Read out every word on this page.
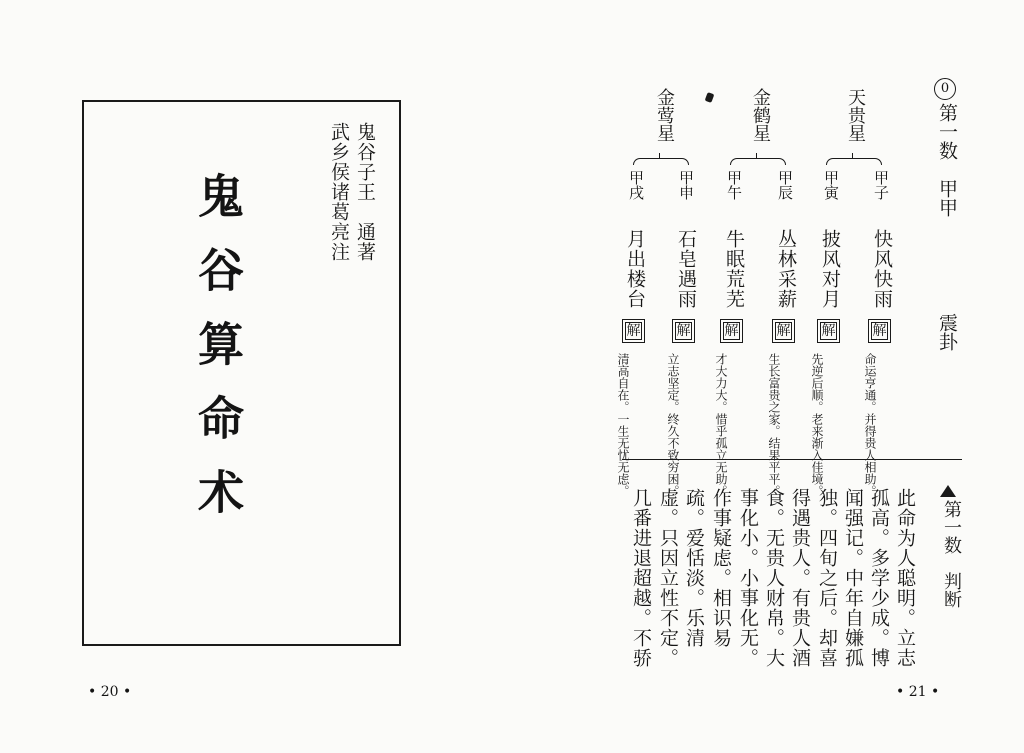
鬼谷算命术	鬼谷子王　通著
武乡侯诸葛亮注
• 20 •
0
第一数　甲甲
震卦
天贵星
甲子
甲寅
快风快雨
披风对月
解
解
命运亨通。并得贵人相助。
先逆后顺。老来渐入佳境。
金鹤星
甲辰
甲午
丛林采薪
牛眠荒芜
解
解
生长富贵之家。结果平平。
才大力大。惜乎孤立无助。
金莺星
甲申
甲戌
石皂遇雨
月出楼台
解
解
立志坚定。终久不致穷困。
清高自在。一生无忧无虑。
第一数　判断
此命为人聪明。立志
孤高。多学少成。博
闻强记。中年自嫌孤
独。四旬之后。却喜
得遇贵人。有贵人酒
食。无贵人财帛。大
事化小。小事化无。
作事疑虑。相识易
疏。爱恬淡。乐清
虚。只因立性不定。
几番进退超越。不骄
• 21 •
